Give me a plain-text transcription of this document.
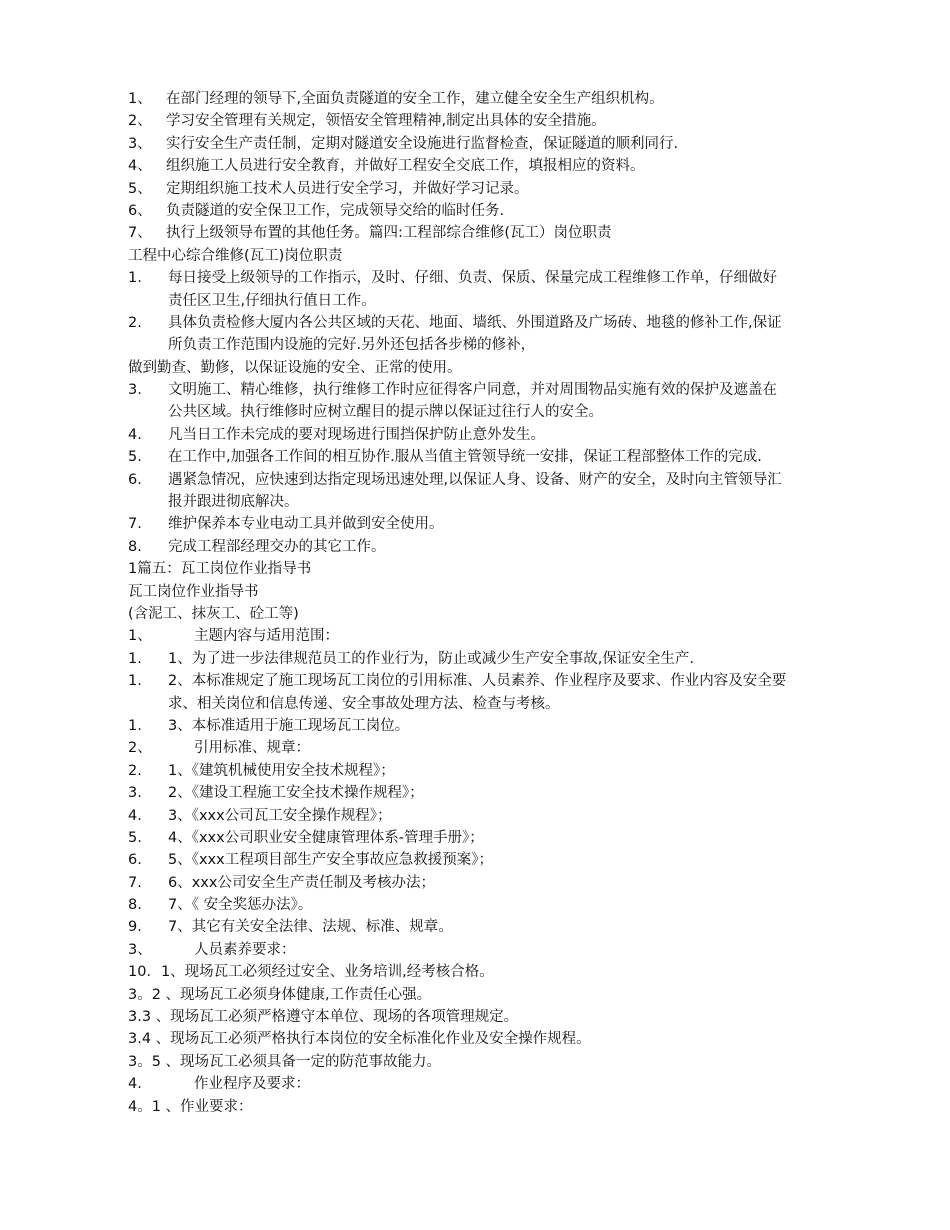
1、 在部门经理的领导下,全面负责隧道的安全工作，建立健全安全生产组织机构。
2、 学习安全管理有关规定，领悟安全管理精神,制定出具体的安全措施。
3、 实行安全生产责任制，定期对隧道安全设施进行监督检查，保证隧道的顺利同行.
4、 组织施工人员进行安全教育，并做好工程安全交底工作，填报相应的资料。
5、 定期组织施工技术人员进行安全学习，并做好学习记录。
6、 负责隧道的安全保卫工作，完成领导交给的临时任务.
7、 执行上级领导布置的其他任务。篇四:工程部综合维修(瓦工）岗位职责
工程中心综合维修(瓦工)岗位职责
1. 每日接受上级领导的工作指示，及时、仔细、负责、保质、保量完成工程维修工作单，仔细做好
责任区卫生,仔细执行值日工作。
2. 具体负责检修大厦内各公共区域的天花、地面、墙纸、外围道路及广场砖、地毯的修补工作,保证
所负责工作范围内设施的完好.另外还包括各步梯的修补，
做到勤查、勤修，以保证设施的安全、正常的使用。
3. 文明施工、精心维修，执行维修工作时应征得客户同意，并对周围物品实施有效的保护及遮盖在
公共区域。执行维修时应树立醒目的提示牌以保证过往行人的安全。
4. 凡当日工作未完成的要对现场进行围挡保护防止意外发生。
5. 在工作中,加强各工作间的相互协作.服从当值主管领导统一安排，保证工程部整体工作的完成.
6. 遇紧急情况，应快速到达指定现场迅速处理,以保证人身、设备、财产的安全，及时向主管领导汇
报并跟进彻底解决。
7. 维护保养本专业电动工具并做到安全使用。
8. 完成工程部经理交办的其它工作。
1篇五：瓦工岗位作业指导书
瓦工岗位作业指导书
(含泥工、抹灰工、砼工等)
1、	主题内容与适用范围：
1. 1、为了进一步法律规范员工的作业行为，防止或减少生产安全事故,保证安全生产.
1. 2、本标准规定了施工现场瓦工岗位的引用标准、人员素养、作业程序及要求、作业内容及安全要
求、相关岗位和信息传递、安全事故处理方法、检查与考核。
1. 3、本标准适用于施工现场瓦工岗位。
2、	引用标准、规章：
2. 1、《建筑机械使用安全技术规程》；
3. 2、《建设工程施工安全技术操作规程》；
4. 3、《xxx公司瓦工安全操作规程》；
5. 4、《xxx公司职业安全健康管理体系-管理手册》；
6. 5、《xxx工程项目部生产安全事故应急救援预案》；
7. 6、xxx公司安全生产责任制及考核办法；
8. 7、《 安全奖惩办法》。
9. 7、其它有关安全法律、法规、标准、规章。
3、	人员素养要求：
10．1、现场瓦工必须经过安全、业务培训,经考核合格。
3。2 、现场瓦工必须身体健康,工作责任心强。
3.3 、现场瓦工必须严格遵守本单位、现场的各项管理规定。
3.4 、现场瓦工必须严格执行本岗位的安全标准化作业及安全操作规程。
3。5 、现场瓦工必须具备一定的防范事故能力。
4.	作业程序及要求：
4。1 、作业要求：
